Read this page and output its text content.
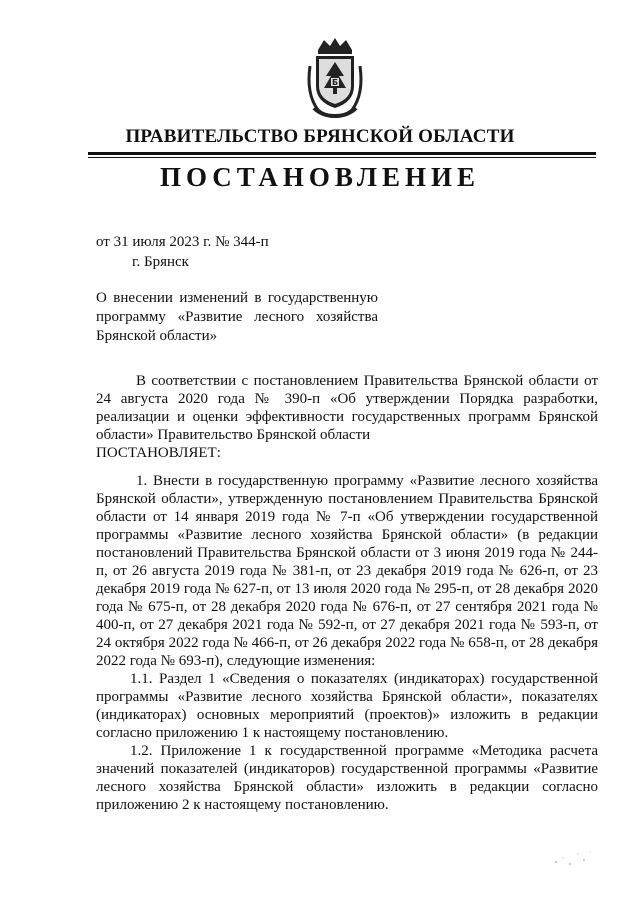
Б
ПРАВИТЕЛЬСТВО БРЯНСКОЙ ОБЛАСТИ
ПОСТАНОВЛЕНИЕ
от 31 июля 2023 г. № 344-п
г. Брянск
О внесении изменений в государственную
программу «Развитие лесного хозяйства
Брянской области»

В соответствии с постановлением Правительства Брянской области от 24 августа 2020 года № 390-п «Об утверждении Порядка разработки, реализации и оценки эффективности государственных программ Брянской области» Правительство Брянской области

ПОСТАНОВЛЯЕТ:

1. Внести в государственную программу «Развитие лесного хозяйства Брянской области», утвержденную постановлением Правительства Брянской области от 14 января 2019 года № 7-п «Об утверждении государственной программы «Развитие лесного хозяйства Брянской области» (в редакции постановлений Правительства Брянской области от 3 июня 2019 года № 244-п, от 26 августа 2019 года № 381-п, от 23 декабря 2019 года № 626-п, от 23 декабря 2019 года № 627-п, от 13 июля 2020 года № 295-п, от 28 декабря 2020 года № 675-п, от 28 декабря 2020 года № 676-п, от 27 сентября 2021 года № 400-п, от 27 декабря 2021 года № 592-п, от 27 декабря 2021 года № 593-п, от 24 октября 2022 года № 466-п, от 26 декабря 2022 года № 658-п, от 28 декабря 2022 года № 693-п), следующие изменения:

1.1. Раздел 1 «Сведения о показателях (индикаторах) государственной программы «Развитие лесного хозяйства Брянской области», показателях (индикаторах) основных мероприятий (проектов)» изложить в редакции согласно приложению 1 к настоящему постановлению.

1.2. Приложение 1 к государственной программе «Методика расчета значений показателей (индикаторов) государственной программы «Развитие лесного хозяйства Брянской области» изложить в редакции согласно приложению 2 к настоящему постановлению.
